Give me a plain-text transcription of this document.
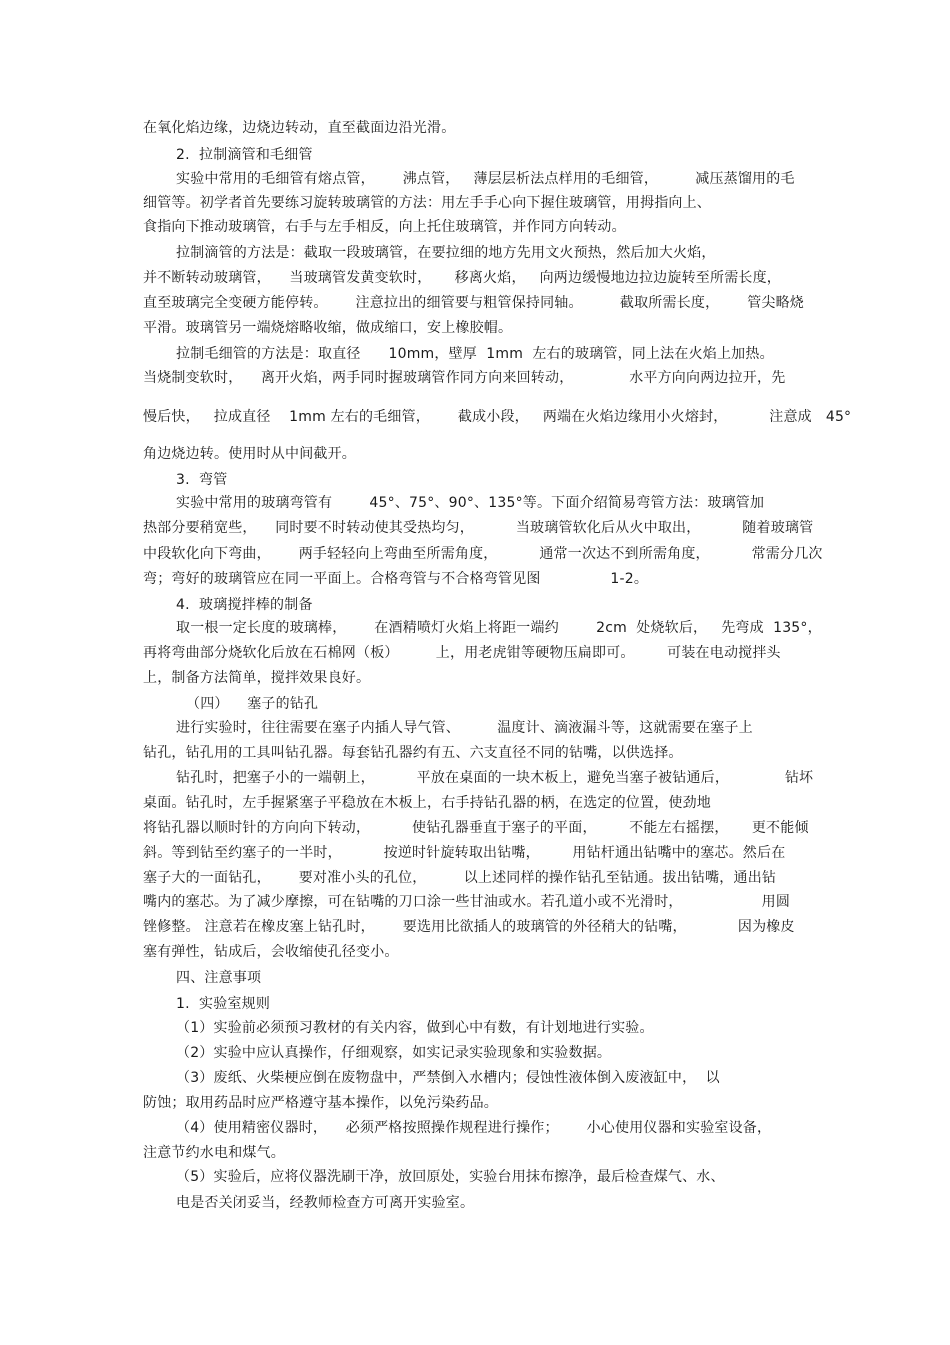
在氧化焰边缘，边烧边转动，直至截面边沿光滑。
2.  拉制滴管和毛细管
实验中常用的毛细管有熔点管，      沸点管，   薄层层析法点样用的毛细管，        减压蒸馏用的毛
细管等。初学者首先要练习旋转玻璃管的方法：用左手手心向下握住玻璃管，用拇指向上、
食指向下推动玻璃管，右手与左手相反，向上托住玻璃管，并作同方向转动。
拉制滴管的方法是：截取一段玻璃管，在要拉细的地方先用文火预热，然后加大火焰，
并不断转动玻璃管，    当玻璃管发黄变软时，     移离火焰，   向两边缓慢地边拉边旋转至所需长度，
直至玻璃完全变硬方能停转。      注意拉出的细管要与粗管保持同轴。        截取所需长度，      管尖略烧
平滑。玻璃管另一端烧熔略收缩，做成缩口，安上橡胶帽。
拉制毛细管的方法是：取直径      10mm，壁厚  1mm  左右的玻璃管，同上法在火焰上加热。
当烧制变软时，    离开火焰，两手同时握玻璃管作同方向来回转动，            水平方向向两边拉开，先
慢后快，   拉成直径    1mm 左右的毛细管，      截成小段，   两端在火焰边缘用小火熔封，         注意成   45°
角边烧边转。使用时从中间截开。
3.  弯管
实验中常用的玻璃弯管有        45°、75°、90°、135°等。下面介绍简易弯管方法：玻璃管加
热部分要稍宽些，    同时要不时转动使其受热均匀，         当玻璃管软化后从火中取出，         随着玻璃管
中段软化向下弯曲，      两手轻轻向上弯曲至所需角度，         通常一次达不到所需角度，         常需分几次
弯；弯好的玻璃管应在同一平面上。合格弯管与不合格弯管见图               1-2。
4.  玻璃搅拌棒的制备
取一根一定长度的玻璃棒，      在酒精喷灯火焰上将距一端约        2cm  处烧软后，   先弯成  135°，
再将弯曲部分烧软化后放在石棉网（板）        上，用老虎钳等硬物压扁即可。       可装在电动搅拌头
上，制备方法简单，搅拌效果良好。
（四）    塞子的钻孔
进行实验时，往往需要在塞子内插人导气管、        温度计、滴液漏斗等，这就需要在塞子上
钻孔，钻孔用的工具叫钻孔器。每套钻孔器约有五、六支直径不同的钻嘴，以供选择。
钻孔时，把塞子小的一端朝上，         平放在桌面的一块木板上，避免当塞子被钻通后，            钻坏
桌面。钻孔时，左手握紧塞子平稳放在木板上，右手持钻孔器的柄，在选定的位置，使劲地
将钻孔器以顺时针的方向向下转动，         使钻孔器垂直于塞子的平面，       不能左右摇摆，     更不能倾
斜。等到钻至约塞子的一半时，         按逆时针旋转取出钻嘴，       用钻杆通出钻嘴中的塞芯。然后在
塞子大的一面钻孔，      要对准小头的孔位，        以上述同样的操作钻孔至钻通。拔出钻嘴，通出钻
嘴内的塞芯。为了减少摩擦，可在钻嘴的刀口涂一些甘油或水。若孔道小或不光滑时，                 用圆
锉修整。 注意若在橡皮塞上钻孔时，      要选用比欲插人的玻璃管的外径稍大的钻嘴，           因为橡皮
塞有弹性，钻成后，会收缩使孔径变小。
四、注意事项
1.  实验室规则
（1）实验前必须预习教材的有关内容，做到心中有数，有计划地进行实验。
（2）实验中应认真操作，仔细观察，如实记录实验现象和实验数据。
（3）废纸、火柴梗应倒在废物盘中，严禁倒入水槽内；侵蚀性液体倒入废液缸中，  以
防蚀；取用药品时应严格遵守基本操作，以免污染药品。
（4）使用精密仪器时，    必须严格按照操作规程进行操作；      小心使用仪器和实验室设备，
注意节约水电和煤气。
（5）实验后，应将仪器洗刷干净，放回原处，实验台用抹布擦净，最后检查煤气、水、
电是否关闭妥当，经教师检查方可离开实验室。
